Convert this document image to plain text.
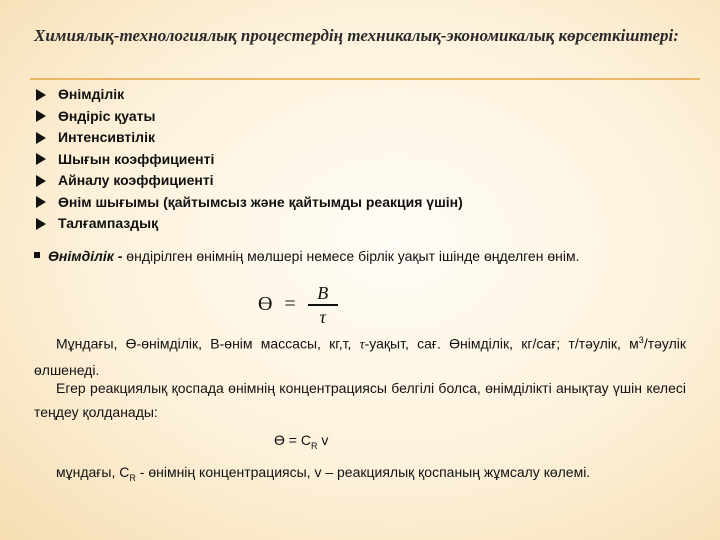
Химиялық-технологиялық процестердің техникалық-экономикалық көрсеткіштері:
Өнімділік
Өндіріс қуаты
Интенсивтілік
Шығын коэффициенті
Айналу коэффициенті
Өнім шығымы (қайтымсыз және қайтымды реакция үшін)
Талғампаздық
Өнімділік - өндірілген өнімнің мөлшері немесе бірлік уақыт ішінде өңделген өнім.
$Ө = \frac{B}{\tau}$

Мұндағы, Ө-өнімділік, В-өнім массасы, кг,т, τ-уақыт, сағ. Өнімділік, кг/сағ; т/тәулік, $м^3$/тәулік өлшенеді.

Егер реакциялық қоспада өнімнің концентрациясы белгілі болса, өнімділікті анықтау үшін келесі теңдеу қолданады:

$Ө = С_R$ v

мұндағы, $С_R$ - өнімнің концентрациясы, v – реакциялық қоспаның жұмсалу көлемі.
